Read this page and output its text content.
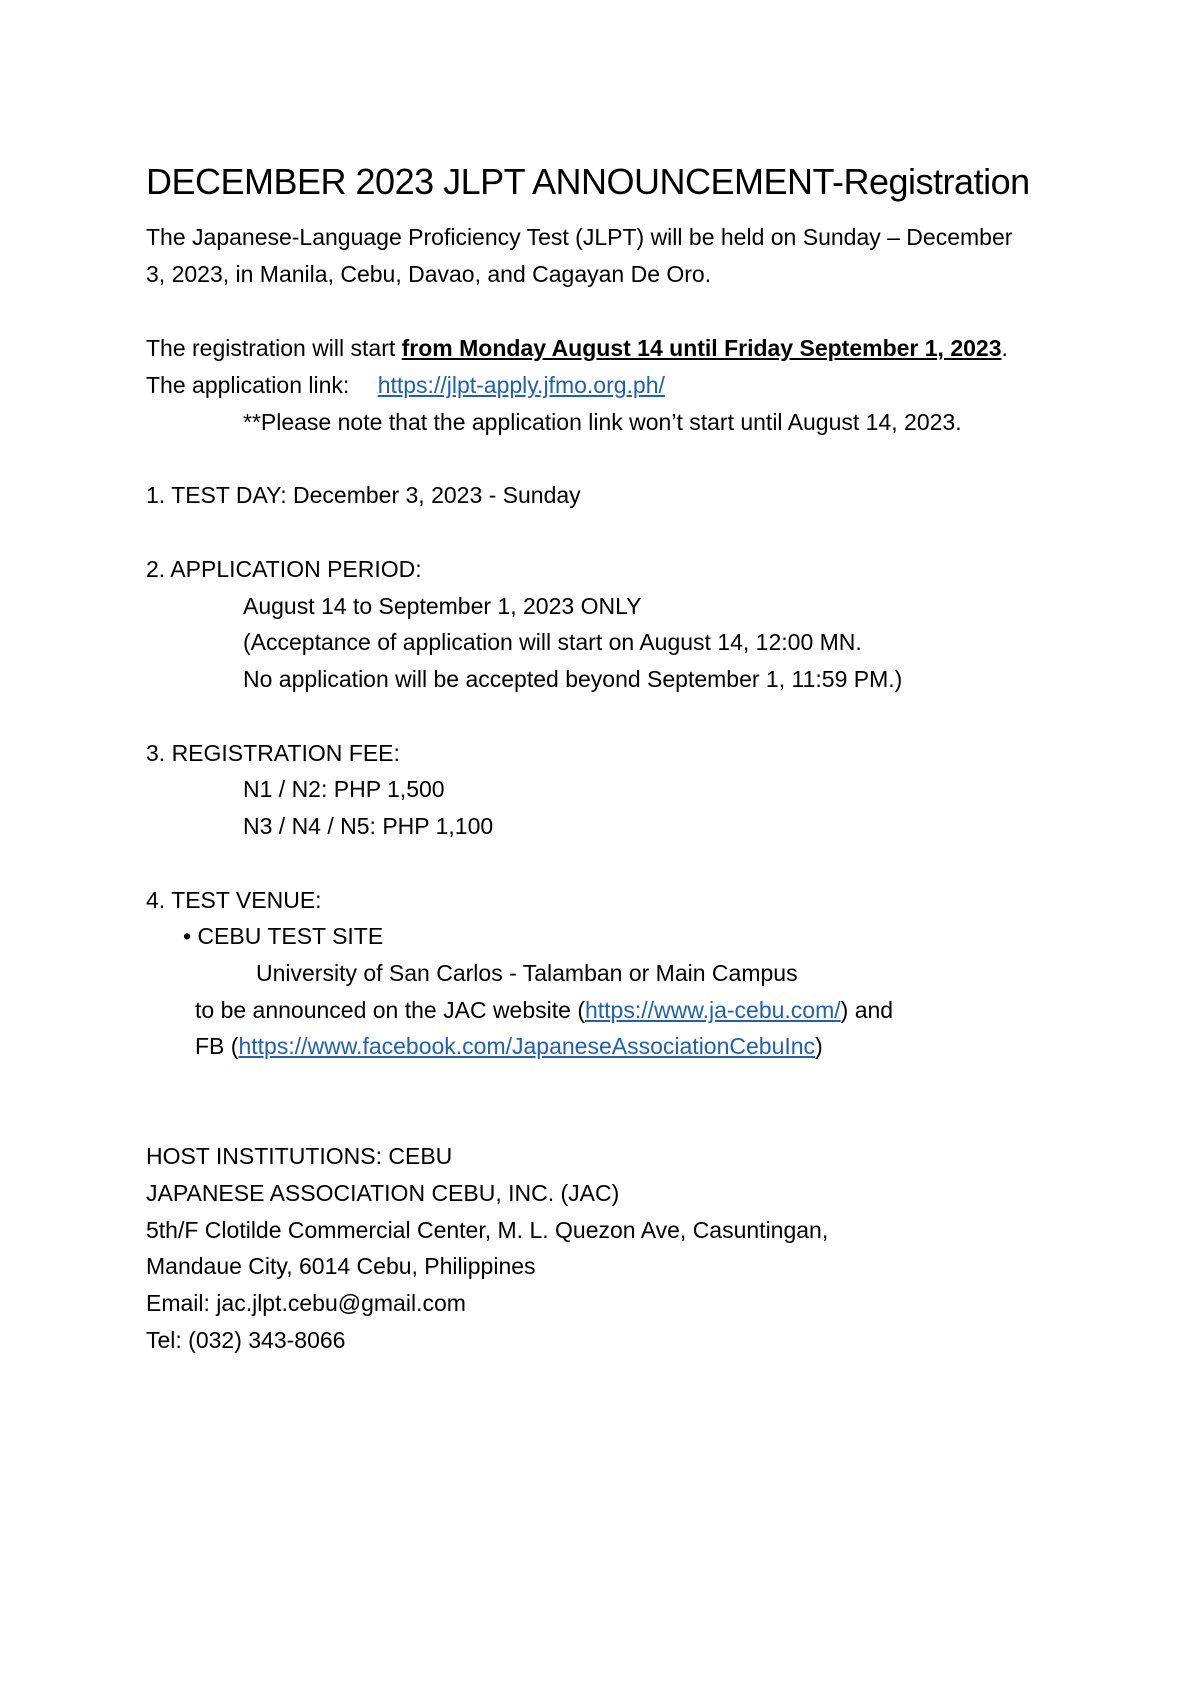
DECEMBER 2023 JLPT ANNOUNCEMENT-Registration
The Japanese-Language Proficiency Test (JLPT) will be held on Sunday – December
3, 2023, in Manila, Cebu, Davao, and Cagayan De Oro.
The registration will start from Monday August 14 until Friday September 1, 2023.
The application link: https://jlpt-apply.jfmo.org.ph/
**Please note that the application link won’t start until August 14, 2023.
1. TEST DAY: December 3, 2023 - Sunday
2. APPLICATION PERIOD:
August 14 to September 1, 2023 ONLY
(Acceptance of application will start on August 14, 12:00 MN.
No application will be accepted beyond September 1, 11:59 PM.)
3. REGISTRATION FEE:
N1 / N2: PHP 1,500
N3 / N4 / N5: PHP 1,100
4. TEST VENUE:
• CEBU TEST SITE
University of San Carlos - Talamban or Main Campus
to be announced on the JAC website (https://www.ja-cebu.com/) and
FB (https://www.facebook.com/JapaneseAssociationCebuInc)
HOST INSTITUTIONS: CEBU
JAPANESE ASSOCIATION CEBU, INC. (JAC)
5th/F Clotilde Commercial Center, M. L. Quezon Ave, Casuntingan,
Mandaue City, 6014 Cebu, Philippines
Email: jac.jlpt.cebu@gmail.com
Tel: (032) 343-8066
